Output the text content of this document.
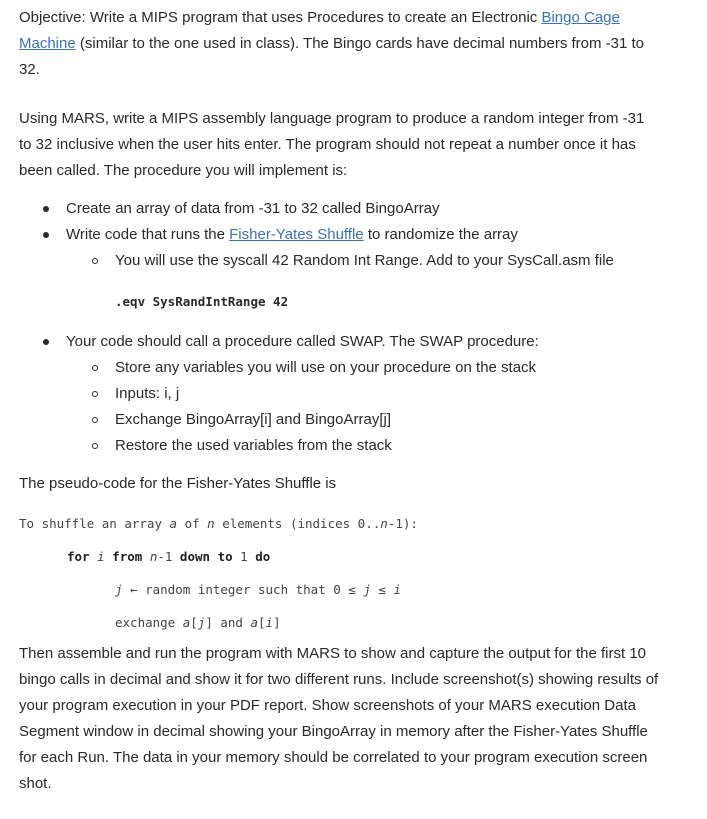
Objective: Write a MIPS program that uses Procedures to create an Electronic Bingo Cage Machine (similar to the one used in class). The Bingo cards have decimal numbers from -31 to 32.

Using MARS, write a MIPS assembly language program to produce a random integer from -31 to 32 inclusive when the user hits enter. The program should not repeat a number once it has been called. The procedure you will implement is:

Create an array of data from -31 to 32 called BingoArray
Write code that runs the Fisher-Yates Shuffle to randomize the array
You will use the syscall 42 Random Int Range. Add to your SysCall.asm file
.eqv SysRandIntRange 42
Your code should call a procedure called SWAP. The SWAP procedure:
Store any variables you will use on your procedure on the stack
Inputs: i, j
Exchange BingoArray[i] and BingoArray[j]
Restore the used variables from the stack

The pseudo-code for the Fisher-Yates Shuffle is

To shuffle an array a of n elements (indices 0..n-1):
for i from n-1 down to 1 do
j ← random integer such that 0 ≤ j ≤ i
exchange a[j] and a[i]

Then assemble and run the program with MARS to show and capture the output for the first 10 bingo calls in decimal and show it for two different runs. Include screenshot(s) showing results of your program execution in your PDF report. Show screenshots of your MARS execution Data Segment window in decimal showing your BingoArray in memory after the Fisher-Yates Shuffle for each Run. The data in your memory should be correlated to your program execution screen shot.
